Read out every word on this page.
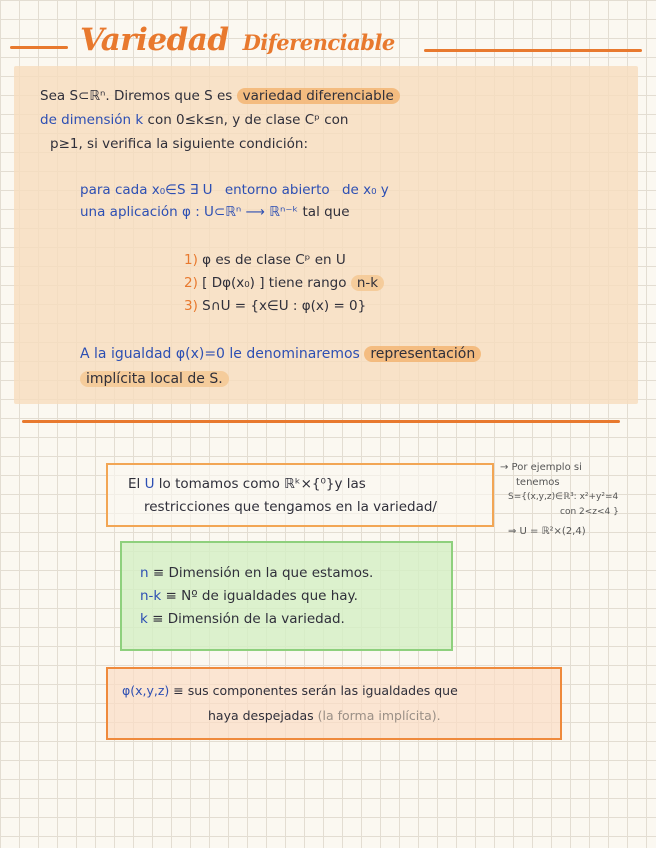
Variedad Diferenciable
Sea S⊂ℝⁿ. Diremos que S es variedad diferenciable
de dimensión k con 0≤k≤n, y de clase Cᵖ con
p≥1, si verifica la siguiente condición:
para cada x₀∈S ∃ U entorno abierto de x₀ y
una aplicación φ : U⊂ℝⁿ ⟶ ℝⁿ⁻ᵏ tal que
1) φ es de clase Cᵖ en U
2) [ Dφ(x₀) ] tiene rango n-k
3) S∩U = {x∈U : φ(x) = 0}
A la igualdad φ(x)=0 le denominaremos representación
implícita local de S.
El U lo tomamos como ℝᵏ×{⁰}y las
restricciones que tengamos en la variedad/
→ Por ejemplo si
tenemos
S={(x,y,z)∈ℝ³: x²+y²=4
con 2<z<4 }
⇒ U = ℝ²×(2,4)
n ≡ Dimensión en la que estamos.
n-k ≡ Nº de igualdades que hay.
k ≡ Dimensión de la variedad.
φ(x,y,z) ≡ sus componentes serán las igualdades que
haya despejadas (la forma implícita).
